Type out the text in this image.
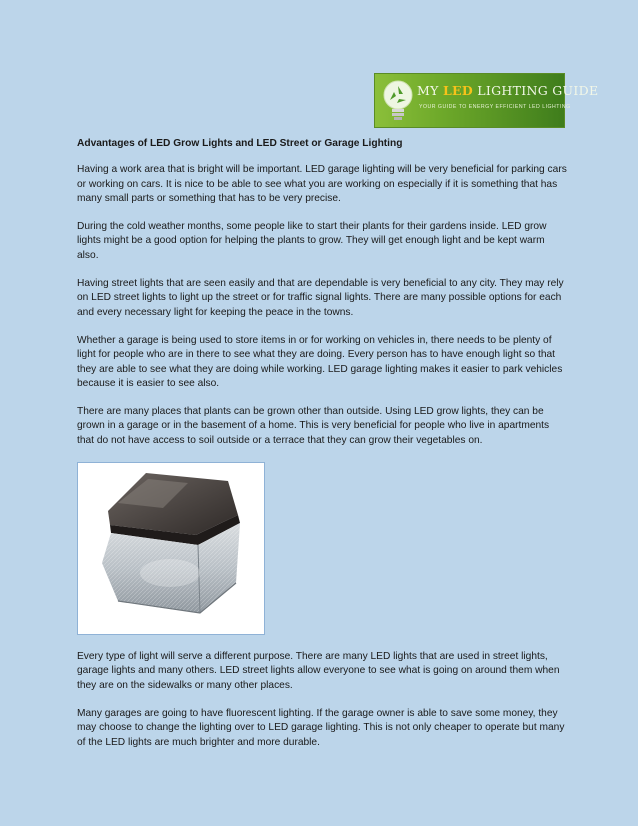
MY LED LIGHTING GUIDE
YOUR GUIDE TO ENERGY EFFICIENT LED LIGHTING
Advantages of LED Grow Lights and LED Street or Garage Lighting

Having a work area that is bright will be important. LED garage lighting will be very beneficial for parking cars or working on cars. It is nice to be able to see what you are working on especially if it is something that has many small parts or something that has to be very precise.

During the cold weather months, some people like to start their plants for their gardens inside. LED grow lights might be a good option for helping the plants to grow. They will get enough light and be kept warm also.

Having street lights that are seen easily and that are dependable is very beneficial to any city. They may rely on LED street lights to light up the street or for traffic signal lights. There are many possible options for each and every necessary light for keeping the peace in the towns.

Whether a garage is being used to store items in or for working on vehicles in, there needs to be plenty of light for people who are in there to see what they are doing. Every person has to have enough light so that they are able to see what they are doing while working. LED garage lighting makes it easier to park vehicles because it is easier to see also.

There are many places that plants can be grown other than outside. Using LED grow lights, they can be grown in a garage or in the basement of a home. This is very beneficial for people who live in apartments that do not have access to soil outside or a terrace that they can grow their vegetables on.

Every type of light will serve a different purpose. There are many LED lights that are used in street lights, garage lights and many others. LED street lights allow everyone to see what is going on around them when they are on the sidewalks or many other places.

Many garages are going to have fluorescent lighting. If the garage owner is able to save some money, they may choose to change the lighting over to LED garage lighting. This is not only cheaper to operate but many of the LED lights are much brighter and more durable.
